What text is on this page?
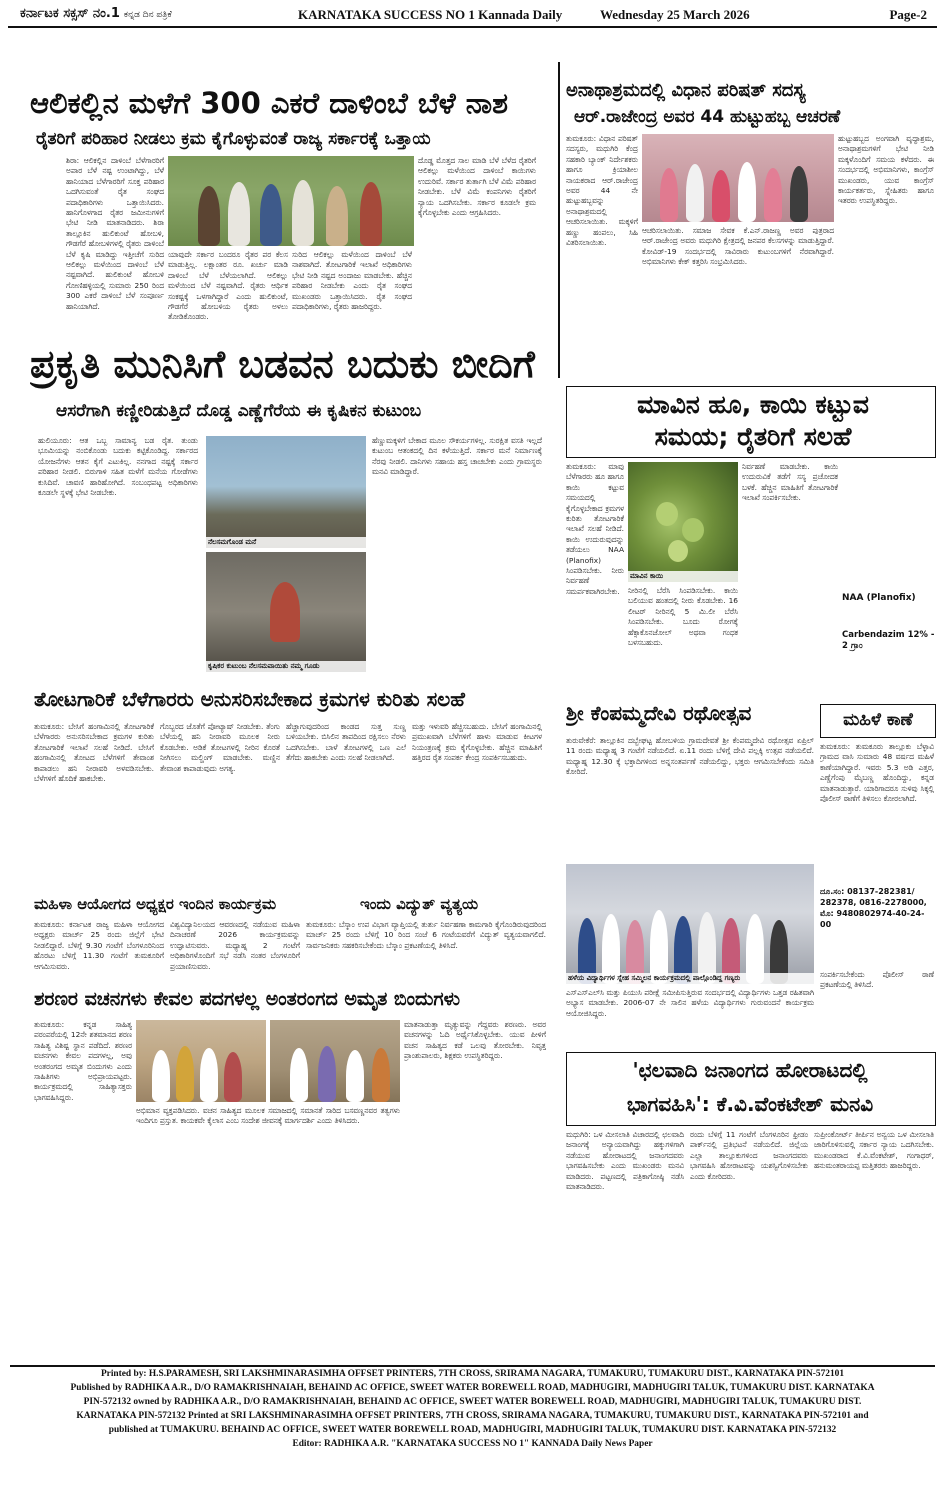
ಕರ್ನಾಟಕ ಸಕ್ಸಸ್ ನಂ.1 ಕನ್ನಡ ದಿನ ಪತ್ರಿಕೆ	KARNATAKA SUCCESS NO 1 Kannada Daily	Wednesday 25 March 2026	Page-2
ಆಲಿಕಲ್ಲಿನ ಮಳೆಗೆ 300 ಎಕರೆ ದಾಳಿಂಬೆ ಬೆಳೆ ನಾಶ
ರೈತರಿಗೆ ಪರಿಹಾರ ನೀಡಲು ಕ್ರಮ ಕೈಗೊಳ್ಳುವಂತೆ ರಾಜ್ಯ ಸರ್ಕಾರಕ್ಕೆ ಒತ್ತಾಯ
ಶಿರಾ: ಆಲಿಕಲ್ಲಿನ ದಾಳಿಂಬೆ ಬೆಳೆಗಾರರಿಗೆ ಅಪಾರ ಬೆಳೆ ನಷ್ಟ ಉಂಟಾಗಿದ್ದು, ಬೆಳೆ ಹಾನಿಯಾದ ಬೆಳೆಗಾರರಿಗೆ ಸೂಕ್ತ ಪರಿಹಾರ ಒದಗಿಸುವಂತೆ ರೈತ ಸಂಘದ ಪದಾಧಿಕಾರಿಗಳು ಒತ್ತಾಯಿಸಿದರು. ಹಾನಿಗೊಳಗಾದ ರೈತರ ಜಮೀನುಗಳಿಗೆ ಭೇಟಿ ನೀಡಿ ಮಾತನಾಡಿದರು. ಶಿರಾ ತಾಲ್ಲೂಕಿನ ಹುಲಿಕುಂಟೆ ಹೋಬಳಿ, ಗೌಡಗೆರೆ ಹೋಬಳಿಗಳಲ್ಲಿ ರೈತರು ದಾಳಿಂಬೆ ಬೆಳೆ ಕೃಷಿ ಮಾಡಿದ್ದು ಇತ್ತೀಚೆಗೆ ಸುರಿದ ಆಲಿಕಲ್ಲು ಮಳೆಯಿಂದ ದಾಳಿಂಬೆ ಬೆಳೆ ನಷ್ಟವಾಗಿದೆ. ಹುಲಿಕುಂಟೆ ಹೋಬಳಿ ಗೋಣಿಹಳ್ಳಿಯಲ್ಲಿ ಸುಮಾರು 250 ರಿಂದ 300 ಎಕರೆ ದಾಳಿಂಬೆ ಬೆಳೆ ಸಂಪೂರ್ಣ ಹಾನಿಯಾಗಿದೆ.
ಯಾವುದೇ ಸರ್ಕಾರ ಬಂದರೂ ರೈತರ ಪರ ಕೆಲಸ ಮಾಡುತ್ತಿಲ್ಲ. ಲಕ್ಷಾಂತರ ರೂ. ಖರ್ಚು ಮಾಡಿ ದಾಳಿಂಬೆ ಬೆಳೆ ಬೆಳೆಯಲಾಗಿದೆ. ಆಲಿಕಲ್ಲು ಮಳೆಯಿಂದ ಬೆಳೆ ನಷ್ಟವಾಗಿದೆ. ರೈತರು ಆರ್ಥಿಕ ಸಂಕಷ್ಟಕ್ಕೆ ಒಳಗಾಗಿದ್ದಾರೆ ಎಂದು ಹುಲಿಕುಂಟೆ, ಗೌಡಗೆರೆ ಹೋಬಳಿಯ ರೈತರು ಅಳಲು ತೋಡಿಕೊಂಡರು.
ಸುರಿದ ಆಲಿಕಲ್ಲು ಮಳೆಯಿಂದ ದಾಳಿಂಬೆ ಬೆಳೆ ನಾಶವಾಗಿದೆ. ತೋಟಗಾರಿಕೆ ಇಲಾಖೆ ಅಧಿಕಾರಿಗಳು ಭೇಟಿ ನೀಡಿ ನಷ್ಟದ ಅಂದಾಜು ಮಾಡಬೇಕು. ಹೆಚ್ಚಿನ ಪರಿಹಾರ ನೀಡಬೇಕು ಎಂದು ರೈತ ಸಂಘದ ಮುಖಂಡರು ಒತ್ತಾಯಿಸಿದರು. ರೈತ ಸಂಘದ ಪದಾಧಿಕಾರಿಗಳು, ರೈತರು ಹಾಜರಿದ್ದರು.
ದೊಡ್ಡ ಮೊತ್ತದ ಸಾಲ ಮಾಡಿ ಬೆಳೆ ಬೆಳೆದ ರೈತರಿಗೆ ಆಲಿಕಲ್ಲು ಮಳೆಯಿಂದ ದಾಳಿಂಬೆ ಕಾಯಿಗಳು ಉದುರಿವೆ. ಸರ್ಕಾರ ತುರ್ತಾಗಿ ಬೆಳೆ ವಿಮೆ ಪರಿಹಾರ ನೀಡಬೇಕು. ಬೆಳೆ ವಿಮೆ ಕಂಪನಿಗಳು ರೈತರಿಗೆ ನ್ಯಾಯ ಒದಗಿಸಬೇಕು. ಸರ್ಕಾರ ಕೂಡಲೇ ಕ್ರಮ ಕೈಗೊಳ್ಳಬೇಕು ಎಂದು ಆಗ್ರಹಿಸಿದರು.
ಅನಾಥಾಶ್ರಮದಲ್ಲಿ ವಿಧಾನ ಪರಿಷತ್ ಸದಸ್ಯ
ಆರ್.ರಾಜೇಂದ್ರ ಅವರ 44 ಹುಟ್ಟುಹಬ್ಬ ಆಚರಣೆ
ತುಮಕೂರು: ವಿಧಾನ ಪರಿಷತ್ ಸದಸ್ಯರು, ಮಧುಗಿರಿ ಕೆಂದ್ರ ಸಹಕಾರಿ ಬ್ಯಾಂಕ್ ನಿರ್ದೇಶಕರು ಹಾಗೂ ಕ್ರಿಯಾಶೀಲ ನಾಯಕರಾದ ಆರ್.ರಾಜೇಂದ್ರ ಅವರ 44 ನೇ ಹುಟ್ಟುಹಬ್ಬವನ್ನು ಅನಾಥಾಶ್ರಮದಲ್ಲಿ ಆಚರಿಸಲಾಯಿತು. ಮಕ್ಕಳಿಗೆ ಹಣ್ಣು ಹಂಪಲು, ಸಿಹಿ ವಿತರಿಸಲಾಯಿತು.
ಆಚರಿಸಲಾಯಿತು. ಸಮಾಜ ಸೇವಕ ಕೆ.ಎನ್.ರಾಜಣ್ಣ ಅವರ ಪುತ್ರರಾದ ಆರ್.ರಾಜೇಂದ್ರ ಅವರು ಮಧುಗಿರಿ ಕ್ಷೇತ್ರದಲ್ಲಿ ಜನಪರ ಕೆಲಸಗಳನ್ನು ಮಾಡುತ್ತಿದ್ದಾರೆ. ಕೋವಿಡ್-19 ಸಂದರ್ಭದಲ್ಲಿ ಸಾವಿರಾರು ಕುಟುಂಬಗಳಿಗೆ ನೆರವಾಗಿದ್ದಾರೆ. ಅಭಿಮಾನಿಗಳು ಕೇಕ್ ಕತ್ತರಿಸಿ ಸಂಭ್ರಮಿಸಿದರು.
ಹುಟ್ಟುಹಬ್ಬದ ಅಂಗವಾಗಿ ವೃದ್ಧಾಶ್ರಮ, ಅನಾಥಾಶ್ರಮಗಳಿಗೆ ಭೇಟಿ ನೀಡಿ ಮಕ್ಕಳೊಂದಿಗೆ ಸಮಯ ಕಳೆದರು. ಈ ಸಂದರ್ಭದಲ್ಲಿ ಅಭಿಮಾನಿಗಳು, ಕಾಂಗ್ರೆಸ್ ಮುಖಂಡರು, ಯುವ ಕಾಂಗ್ರೆಸ್ ಕಾರ್ಯಕರ್ತರು, ಸ್ನೇಹಿತರು ಹಾಗೂ ಇತರರು ಉಪಸ್ಥಿತರಿದ್ದರು.
ಪ್ರಕೃತಿ ಮುನಿಸಿಗೆ ಬಡವನ ಬದುಕು ಬೀದಿಗೆ
ಆಸರೆಗಾಗಿ ಕಣ್ಣೀರಿಡುತ್ತಿದೆ ದೊಡ್ಡ ಎಣ್ಣೆಗೆರೆಯ ಈ ಕೃಷಿಕನ ಕುಟುಂಬ
ಹುಲಿಯೂರು: ಆತ ಒಬ್ಬ ಸಾಮಾನ್ಯ ಬಡ ರೈತ. ತುಂಡು ಭೂಮಿಯನ್ನು ನಂಬಿಕೊಂಡು ಬದುಕು ಕಟ್ಟಿಕೊಂಡಿದ್ದ. ಸರ್ಕಾರದ ಯೋಜನೆಗಳು ಆತನ ಕೈಗೆ ಎಟುಕಿಲ್ಲ. ನನಗಾದ ನಷ್ಟಕ್ಕೆ ಸರ್ಕಾರ ಪರಿಹಾರ ನೀಡಲಿ. ಬಿರುಗಾಳಿ ಸಹಿತ ಮಳೆಗೆ ಮನೆಯ ಗೋಡೆಗಳು ಕುಸಿದಿವೆ. ಚಾವಣಿ ಹಾರಿಹೋಗಿದೆ. ಸಂಬಂಧಪಟ್ಟ ಅಧಿಕಾರಿಗಳು ಕೂಡಲೇ ಸ್ಥಳಕ್ಕೆ ಭೇಟಿ ನೀಡಬೇಕು.
ನೆಲಸಮಗೊಂಡ ಮನೆ
ಕೃಷಿಕರ ಕುಟುಂಬ ನೆಲಸಮವಾಯಿತು ನಮ್ಮ ಗೂಡು
ಹೆಣ್ಣುಮಕ್ಕಳಿಗೆ ಬೇಕಾದ ಮೂಲ ಸೌಕರ್ಯಗಳಿಲ್ಲ. ಸುರಕ್ಷಿತ ವಸತಿ ಇಲ್ಲದೆ ಕುಟುಂಬ ಆತಂಕದಲ್ಲಿ ದಿನ ಕಳೆಯುತ್ತಿದೆ. ಸರ್ಕಾರ ಮನೆ ನಿರ್ಮಾಣಕ್ಕೆ ನೆರವು ನೀಡಲಿ. ದಾನಿಗಳು ಸಹಾಯ ಹಸ್ತ ಚಾಚಬೇಕು ಎಂದು ಗ್ರಾಮಸ್ಥರು ಮನವಿ ಮಾಡಿದ್ದಾರೆ.
ಮಾವಿನ ಹೂ, ಕಾಯಿ ಕಟ್ಟುವ
ಸಮಯ; ರೈತರಿಗೆ ಸಲಹೆ
ತುಮಕೂರು: ಮಾವು ಬೆಳೆಗಾರರು ಹೂ ಹಾಗೂ ಕಾಯಿ ಕಟ್ಟುವ ಸಮಯದಲ್ಲಿ ಕೈಗೊಳ್ಳಬೇಕಾದ ಕ್ರಮಗಳ ಕುರಿತು ತೋಟಗಾರಿಕೆ ಇಲಾಖೆ ಸಲಹೆ ನೀಡಿದೆ. ಕಾಯಿ ಉದುರುವುದನ್ನು ತಡೆಯಲು NAA (Planofix) ಸಿಂಪಡಿಸಬೇಕು. ನೀರು ನಿರ್ವಹಣೆ ಸಮರ್ಪಕವಾಗಿರಬೇಕು.
ಮಾವಿನ ಕಾಯಿ
ನೀರಿನಲ್ಲಿ ಬೆರೆಸಿ ಸಿಂಪಡಿಸಬೇಕು. ಕಾಯಿ ಬಲಿಯುವ ಹಂತದಲ್ಲಿ ನೀರು ಕೊಡಬೇಕು. 16 ಲೀಟರ್ ನೀರಿನಲ್ಲಿ 5 ಮಿ.ಲೀ ಬೆರೆಸಿ ಸಿಂಪಡಿಸಬೇಕು. ಬೂದು ರೋಗಕ್ಕೆ ಹೆಕ್ಸಾಕೊನಜೋಲ್ ಅಥವಾ ಗಂಧಕ ಬಳಸಬಹುದು.
ನಿರ್ವಹಣೆ ಮಾಡಬೇಕು. ಕಾಯಿ ಉದುರುವಿಕೆ ತಡೆಗೆ ಸಸ್ಯ ಪ್ರಚೋದಕ ಬಳಕೆ. ಹೆಚ್ಚಿನ ಮಾಹಿತಿಗೆ ತೋಟಗಾರಿಕೆ ಇಲಾಖೆ ಸಂಪರ್ಕಿಸಬೇಕು.
NAA (Planofix)
Carbendazim 12% - 2 ಗ್ರಾಂ
ತೋಟಗಾರಿಕೆ ಬೆಳೆಗಾರರು ಅನುಸರಿಸಬೇಕಾದ ಕ್ರಮಗಳ ಕುರಿತು ಸಲಹೆ
ತುಮಕೂರು: ಬೇಸಿಗೆ ಹಂಗಾಮಿನಲ್ಲಿ ತೋಟಗಾರಿಕೆ ಬೆಳೆಗಾರರು ಅನುಸರಿಸಬೇಕಾದ ಕ್ರಮಗಳ ಕುರಿತು ತೋಟಗಾರಿಕೆ ಇಲಾಖೆ ಸಲಹೆ ನೀಡಿದೆ. ಬೇಸಿಗೆ ಹಂಗಾಮಿನಲ್ಲಿ ತೋಟದ ಬೆಳೆಗಳಿಗೆ ತೇವಾಂಶ ಕಾಪಾಡಲು ಹನಿ ನೀರಾವರಿ ಅಳವಡಿಸಬೇಕು. ಬೆಳೆಗಳಿಗೆ ಹೊದಿಕೆ ಹಾಕಬೇಕು.
ಗೊಬ್ಬರದ ಜೊತೆಗೆ ಪೋಟ್ಯಾಷ್ ನೀಡಬೇಕು. ತೆಂಗು ಬೆಳೆಯಲ್ಲಿ ಹನಿ ನೀರಾವರಿ ಮೂಲಕ ನೀರು ಕೊಡಬೇಕು. ಅಡಿಕೆ ತೋಟಗಳಲ್ಲಿ ನೀರಿನ ಕೊರತೆ ನೀಗಿಸಲು ಮಲ್ಚಿಂಗ್ ಮಾಡಬೇಕು. ಮಣ್ಣಿನ ತೇವಾಂಶ ಕಾಪಾಡುವುದು ಅಗತ್ಯ.
ಹೆಚ್ಚಾಗುವುದರಿಂದ ಕಾಂಡದ ಸುತ್ತ ಸುಣ್ಣ ಬಳಿಯಬೇಕು. ಬಿಸಿಲಿನ ತಾಪದಿಂದ ರಕ್ಷಿಸಲು ನೆರಳು ಒದಗಿಸಬೇಕು. ಬಾಳೆ ತೋಟಗಳಲ್ಲಿ ಒಣ ಎಲೆ ತೆಗೆದು ಹಾಕಬೇಕು ಎಂದು ಸಲಹೆ ನೀಡಲಾಗಿದೆ.
ಮತ್ತು ಇಳುವರಿ ಹೆಚ್ಚಿಸಬಹುದು. ಬೇಸಿಗೆ ಹಂಗಾಮಿನಲ್ಲಿ ಪ್ರಮುಖವಾಗಿ ಬೆಳೆಗಳಿಗೆ ಹಾಳು ಮಾಡುವ ಕೀಟಗಳ ನಿಯಂತ್ರಣಕ್ಕೆ ಕ್ರಮ ಕೈಗೊಳ್ಳಬೇಕು. ಹೆಚ್ಚಿನ ಮಾಹಿತಿಗೆ ಹತ್ತಿರದ ರೈತ ಸಂಪರ್ಕ ಕೇಂದ್ರ ಸಂಪರ್ಕಿಸಬಹುದು.
ಶ್ರೀ ಕೆಂಪಮ್ಮದೇವಿ ರಥೋತ್ಸವ
ತುರುವೇಕೆರೆ: ತಾಲ್ಲೂಕಿನ ದಬ್ಬೇಘಟ್ಟ ಹೋಬಳಿಯ ಗ್ರಾಮದೇವತೆ ಶ್ರೀ ಕೆಂಪಮ್ಮದೇವಿ ರಥೋತ್ಸವ ಏಪ್ರಿಲ್ 11 ರಂದು ಮಧ್ಯಾಹ್ನ 3 ಗಂಟೆಗೆ ನಡೆಯಲಿದೆ. ಏ.11 ರಂದು ಬೆಳಿಗ್ಗೆ ದೇವಿ ಪಲ್ಲಕ್ಕಿ ಉತ್ಸವ ನಡೆಯಲಿದೆ. ಮಧ್ಯಾಹ್ನ 12.30 ಕ್ಕೆ ಭಕ್ತಾದಿಗಳಿಂದ ಅನ್ನಸಂತರ್ಪಣೆ ನಡೆಯಲಿದ್ದು, ಭಕ್ತರು ಆಗಮಿಸಬೇಕೆಂದು ಸಮಿತಿ ಕೋರಿದೆ.
ಹಳೆಯ ವಿದ್ಯಾರ್ಥಿಗಳ ಸ್ನೇಹ ಸಮ್ಮಿಲನ ಕಾರ್ಯಕ್ರಮದಲ್ಲಿ ಪಾಲ್ಗೊಂಡಿದ್ದ ಗಣ್ಯರು
ಎಸ್‌ಎಸ್‌ಎಲ್‌ಸಿ ಮತ್ತು ಪಿಯುಸಿ ಪರೀಕ್ಷೆ ಸಮೀಪಿಸುತ್ತಿರುವ ಸಂದರ್ಭದಲ್ಲಿ ವಿದ್ಯಾರ್ಥಿಗಳು ಒತ್ತಡ ರಹಿತವಾಗಿ ಅಭ್ಯಾಸ ಮಾಡಬೇಕು. 2006-07 ನೇ ಸಾಲಿನ ಹಳೆಯ ವಿದ್ಯಾರ್ಥಿಗಳು ಗುರುವಂದನೆ ಕಾರ್ಯಕ್ರಮ ಆಯೋಜಿಸಿದ್ದರು.
ಮಹಿಳೆ ಕಾಣೆ
ತುಮಕೂರು: ತುಮಕೂರು ತಾಲ್ಲೂಕು ಬೆಳ್ಳಾವಿ ಗ್ರಾಮದ ವಾಸಿ ಸುಮಾರು 48 ವರ್ಷದ ಮಹಿಳೆ ಕಾಣೆಯಾಗಿದ್ದಾರೆ. ಇವರು 5.3 ಅಡಿ ಎತ್ತರ, ಎಣ್ಣೆಗೆಂಪು ಮೈಬಣ್ಣ ಹೊಂದಿದ್ದು, ಕನ್ನಡ ಮಾತನಾಡುತ್ತಾರೆ. ಯಾರಿಗಾದರೂ ಸುಳಿವು ಸಿಕ್ಕಲ್ಲಿ ಪೊಲೀಸ್ ಠಾಣೆಗೆ ತಿಳಿಸಲು ಕೋರಲಾಗಿದೆ.
ದೂ.ಸಂ: 08137-282381/ 282378, 0816-2278000, ಮೊ: 9480802974-40-24-00
ಸಂಪರ್ಕಿಸಬೇಕೆಂದು ಪೊಲೀಸ್ ಠಾಣೆ ಪ್ರಕಟಣೆಯಲ್ಲಿ ತಿಳಿಸಿದೆ.
ಮಹಿಳಾ ಆಯೋಗದ ಅಧ್ಯಕ್ಷರ ಇಂದಿನ ಕಾರ್ಯಕ್ರಮ
ತುಮಕೂರು: ಕರ್ನಾಟಕ ರಾಜ್ಯ ಮಹಿಳಾ ಆಯೋಗದ ಅಧ್ಯಕ್ಷರು ಮಾರ್ಚ್ 25 ರಂದು ಜಿಲ್ಲೆಗೆ ಭೇಟಿ ನೀಡಲಿದ್ದಾರೆ. ಬೆಳಿಗ್ಗೆ 9.30 ಗಂಟೆಗೆ ಬೆಂಗಳೂರಿನಿಂದ ಹೊರಟು ಬೆಳಿಗ್ಗೆ 11.30 ಗಂಟೆಗೆ ತುಮಕೂರಿಗೆ ಆಗಮಿಸುವರು.
ವಿಶ್ವವಿದ್ಯಾನಿಲಯದ ಆವರಣದಲ್ಲಿ ನಡೆಯುವ ಮಹಿಳಾ ದಿನಾಚರಣೆ 2026 ಕಾರ್ಯಕ್ರಮವನ್ನು ಉದ್ಘಾಟಿಸುವರು. ಮಧ್ಯಾಹ್ನ 2 ಗಂಟೆಗೆ ಅಧಿಕಾರಿಗಳೊಂದಿಗೆ ಸಭೆ ನಡೆಸಿ ನಂತರ ಬೆಂಗಳೂರಿಗೆ ಪ್ರಯಾಣಿಸುವರು.
ಇಂದು ವಿದ್ಯುತ್ ವ್ಯತ್ಯಯ
ತುಮಕೂರು: ಬೆಸ್ಕಾಂ ಉಪ ವಿಭಾಗ ವ್ಯಾಪ್ತಿಯಲ್ಲಿ ತುರ್ತು ನಿರ್ವಹಣಾ ಕಾಮಗಾರಿ ಕೈಗೊಂಡಿರುವುದರಿಂದ ಮಾರ್ಚ್ 25 ರಂದು ಬೆಳಿಗ್ಗೆ 10 ರಿಂದ ಸಂಜೆ 6 ಗಂಟೆಯವರೆಗೆ ವಿದ್ಯುತ್ ವ್ಯತ್ಯಯವಾಗಲಿದೆ. ಸಾರ್ವಜನಿಕರು ಸಹಕರಿಸಬೇಕೆಂದು ಬೆಸ್ಕಾಂ ಪ್ರಕಟಣೆಯಲ್ಲಿ ತಿಳಿಸಿದೆ.
ಶರಣರ ವಚನಗಳು ಕೇವಲ ಪದಗಳಲ್ಲ ಅಂತರಂಗದ ಅಮೃತ ಬಿಂದುಗಳು
ತುಮಕೂರು: ಕನ್ನಡ ಸಾಹಿತ್ಯ ಪರಂಪರೆಯಲ್ಲಿ 12ನೇ ಶತಮಾನದ ಶರಣ ಸಾಹಿತ್ಯ ವಿಶಿಷ್ಟ ಸ್ಥಾನ ಪಡೆದಿದೆ. ಶರಣರ ವಚನಗಳು ಕೇವಲ ಪದಗಳಲ್ಲ, ಅವು ಅಂತರಂಗದ ಅಮೃತ ಬಿಂದುಗಳು ಎಂದು ಸಾಹಿತಿಗಳು ಅಭಿಪ್ರಾಯಪಟ್ಟರು. ಕಾರ್ಯಕ್ರಮದಲ್ಲಿ ಸಾಹಿತ್ಯಾಸಕ್ತರು ಭಾಗವಹಿಸಿದ್ದರು.
ಅಭಿಮಾನ ವ್ಯಕ್ತಪಡಿಸಿದರು. ವಚನ ಸಾಹಿತ್ಯದ ಮೂಲಕ ಸಮಾಜದಲ್ಲಿ ಸಮಾನತೆ ಸಾರಿದ ಬಸವಣ್ಣನವರ ತತ್ವಗಳು ಇಂದಿಗೂ ಪ್ರಸ್ತುತ. ಕಾಯಕವೇ ಕೈಲಾಸ ಎಂಬ ಸಂದೇಶ ಜೀವನಕ್ಕೆ ಮಾರ್ಗದರ್ಶಿ ಎಂದು ತಿಳಿಸಿದರು.
ಮಾತನಾಡುತ್ತಾ ಮೃತ್ಯುವನ್ನು ಗೆದ್ದವರು ಶರಣರು. ಅವರ ವಚನಗಳನ್ನು ಓದಿ ಅರ್ಥೈಸಿಕೊಳ್ಳಬೇಕು. ಯುವ ಪೀಳಿಗೆ ವಚನ ಸಾಹಿತ್ಯದ ಕಡೆ ಒಲವು ತೋರಬೇಕು. ನಿವೃತ್ತ ಪ್ರಾಂಶುಪಾಲರು, ಶಿಕ್ಷಕರು ಉಪಸ್ಥಿತರಿದ್ದರು.
'ಛಲವಾದಿ ಜನಾಂಗದ ಹೋರಾಟದಲ್ಲಿ
ಭಾಗವಹಿಸಿ': ಕೆ.ವಿ.ವೆಂಕಟೇಶ್ ಮನವಿ
ಮಧುಗಿರಿ: ಒಳ ಮೀಸಲಾತಿ ವಿಚಾರದಲ್ಲಿ ಛಲವಾದಿ ಜನಾಂಗಕ್ಕೆ ಅನ್ಯಾಯವಾಗಿದ್ದು ಹಕ್ಕುಗಳಿಗಾಗಿ ನಡೆಯುವ ಹೋರಾಟದಲ್ಲಿ ಜನಾಂಗದವರು ಭಾಗವಹಿಸಬೇಕು ಎಂದು ಮುಖಂಡರು ಮನವಿ ಮಾಡಿದರು. ಪಟ್ಟಣದಲ್ಲಿ ಪತ್ರಿಕಾಗೋಷ್ಠಿ ನಡೆಸಿ ಮಾತನಾಡಿದರು.
ರಂದು ಬೆಳಿಗ್ಗೆ 11 ಗಂಟೆಗೆ ಬೆಂಗಳೂರಿನ ಫ್ರೀಡಂ ಪಾರ್ಕ್‌ನಲ್ಲಿ ಪ್ರತಿಭಟನೆ ನಡೆಯಲಿದೆ. ಜಿಲ್ಲೆಯ ಎಲ್ಲಾ ತಾಲ್ಲೂಕುಗಳಿಂದ ಜನಾಂಗದವರು ಭಾಗವಹಿಸಿ ಹೋರಾಟವನ್ನು ಯಶಸ್ವಿಗೊಳಿಸಬೇಕು ಎಂದು ಕೋರಿದರು.
ಸುಪ್ರೀಂಕೋರ್ಟ್ ತೀರ್ಪಿನ ಅನ್ವಯ ಒಳ ಮೀಸಲಾತಿ ಜಾರಿಗೊಳಿಸುವಲ್ಲಿ ಸರ್ಕಾರ ನ್ಯಾಯ ಒದಗಿಸಬೇಕು. ಮುಖಂಡರಾದ ಕೆ.ವಿ.ವೆಂಕಟೇಶ್, ಗಂಗಾಧರ್, ಹನುಮಂತರಾಯಪ್ಪ ಮತ್ತಿತರರು ಹಾಜರಿದ್ದರು.
Printed by: H.S.PARAMESH, SRI LAKSHMINARASIMHA OFFSET PRINTERS, 7TH CROSS, SRIRAMA NAGARA, TUMAKURU, TUMAKURU DIST., KARNATAKA PIN-572101
Published by RADHIKA A.R., D/O RAMAKRISHNAIAH, BEHAIND AC OFFICE, SWEET WATER BOREWELL ROAD, MADHUGIRI, MADHUGIRI TALUK, TUMAKURU DIST. KARNATAKA
PIN-572132 owned by RADHIKA A.R., D/O RAMAKRISHNAIAH, BEHAIND AC OFFICE, SWEET WATER BOREWELL ROAD, MADHUGIRI, MADHUGIRI TALUK, TUMAKURU DIST.
KARNATAKA PIN-572132 Printed at SRI LAKSHMINARASIMHA OFFSET PRINTERS, 7TH CROSS, SRIRAMA NAGARA, TUMAKURU, TUMAKURU DIST., KARNATAKA PIN-572101 and
published at TUMAKURU. BEHAIND AC OFFICE, SWEET WATER BOREWELL ROAD, MADHUGIRI, MADHUGIRI TALUK, TUMAKURU DIST. KARNATAKA PIN-572132
Editor: RADHIKA A.R. "KARNATAKA SUCCESS NO 1" KANNADA Daily News Paper
